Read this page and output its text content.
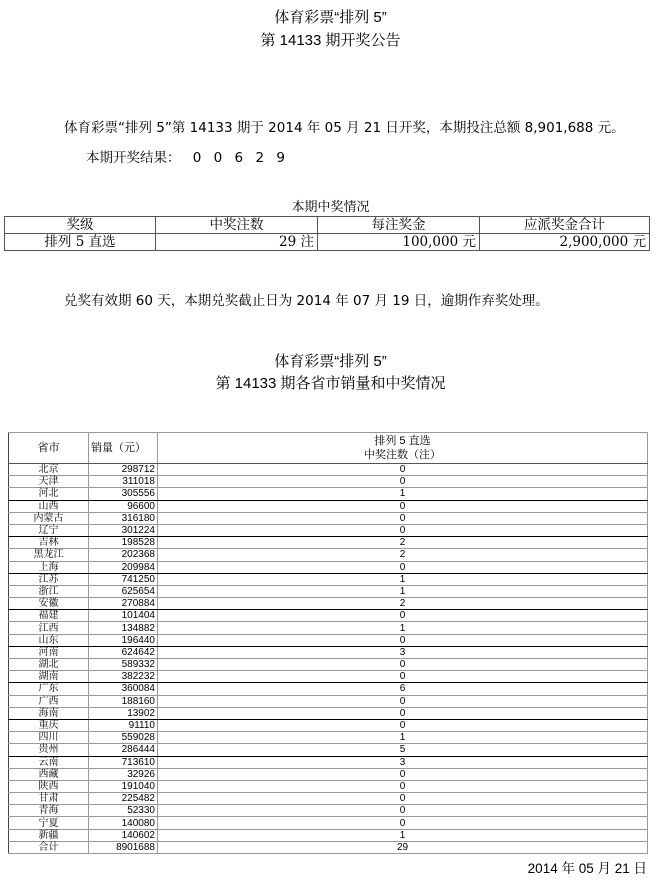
体育彩票“排列 5”
第 14133 期开奖公告
体育彩票“排列 5”第 14133 期于 2014 年 05 月 21 日开奖，本期投注总额 8,901,688 元。
本期开奖结果： 0 0 6 2 9
本期中奖情况
奖级	中奖注数	每注奖金	应派奖金合计
排列 5 直选	29 注	100,000 元	2,900,000 元
兑奖有效期 60 天，本期兑奖截止日为 2014 年 07 月 19 日，逾期作弃奖处理。
体育彩票“排列 5”
第 14133 期各省市销量和中奖情况
省市	销量（元）	排列 5 直选
中奖注数（注）

北京	298712	0
天津	311018	0
河北	305556	1
山西	96600	0
内蒙古	316180	0
辽宁	301224	0
吉林	198528	2
黑龙江	202368	2
上海	209984	0
江苏	741250	1
浙江	625654	1
安徽	270884	2
福建	101404	0
江西	134882	1
山东	196440	0
河南	624642	3
湖北	589332	0
湖南	382232	0
广东	360084	6
广西	188160	0
海南	13902	0
重庆	91110	0
四川	559028	1
贵州	286444	5
云南	713610	3
西藏	32926	0
陕西	191040	0
甘肃	225482	0
青海	52330	0
宁夏	140080	0
新疆	140602	1
合计	8901688	29
2014 年 05 月 21 日
